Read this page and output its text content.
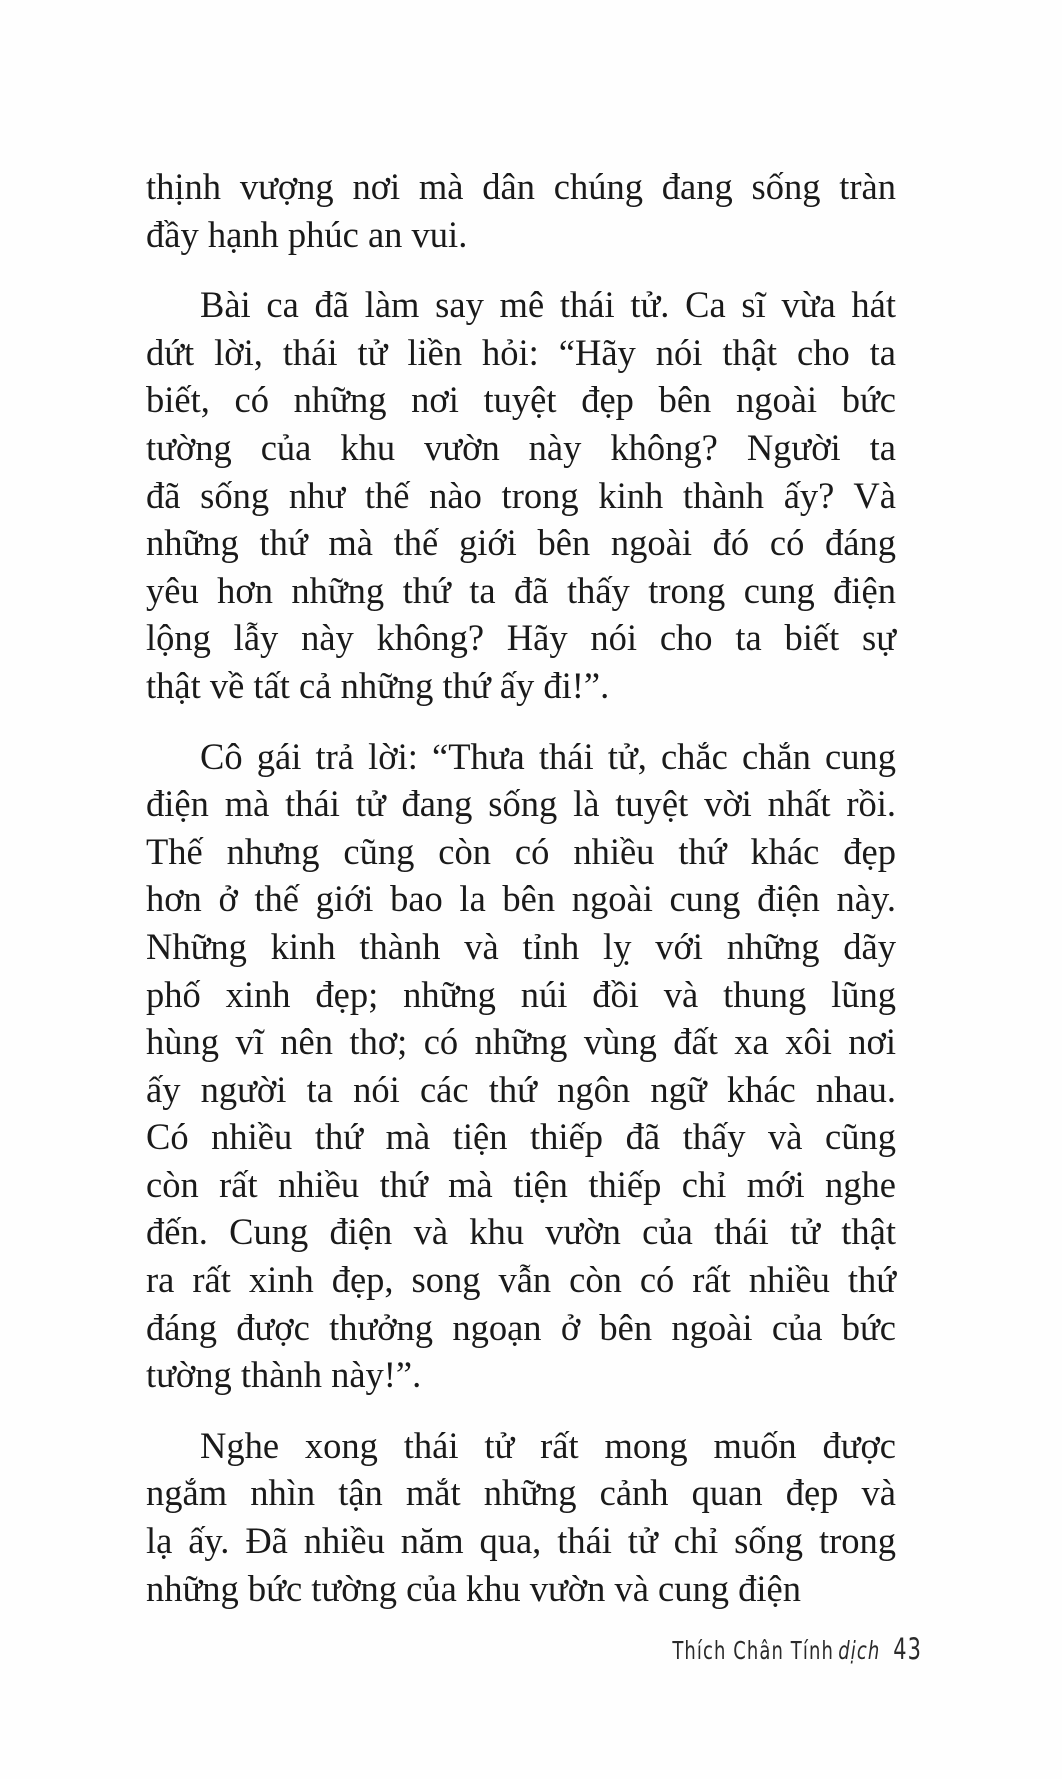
thịnh vượng nơi mà dân chúng đang sống tràn
đầy hạnh phúc an vui.
Bài ca đã làm say mê thái tử. Ca sĩ vừa hát
dứt lời, thái tử liền hỏi: “Hãy nói thật cho ta
biết, có những nơi tuyệt đẹp bên ngoài bức
tường của khu vườn này không? Người ta
đã sống như thế nào trong kinh thành ấy? Và
những thứ mà thế giới bên ngoài đó có đáng
yêu hơn những thứ ta đã thấy trong cung điện
lộng lẫy này không? Hãy nói cho ta biết sự
thật về tất cả những thứ ấy đi!”.
Cô gái trả lời: “Thưa thái tử, chắc chắn cung
điện mà thái tử đang sống là tuyệt vời nhất rồi.
Thế nhưng cũng còn có nhiều thứ khác đẹp
hơn ở thế giới bao la bên ngoài cung điện này.
Những kinh thành và tỉnh lỵ với những dãy
phố xinh đẹp; những núi đồi và thung lũng
hùng vĩ nên thơ; có những vùng đất xa xôi nơi
ấy người ta nói các thứ ngôn ngữ khác nhau.
Có nhiều thứ mà tiện thiếp đã thấy và cũng
còn rất nhiều thứ mà tiện thiếp chỉ mới nghe
đến. Cung điện và khu vườn của thái tử thật
ra rất xinh đẹp, song vẫn còn có rất nhiều thứ
đáng được thưởng ngoạn ở bên ngoài của bức
tường thành này!”.
Nghe xong thái tử rất mong muốn được
ngắm nhìn tận mắt những cảnh quan đẹp và
lạ ấy. Đã nhiều năm qua, thái tử chỉ sống trong
những bức tường của khu vườn và cung điện
Thích Chân Tính dịch 43
